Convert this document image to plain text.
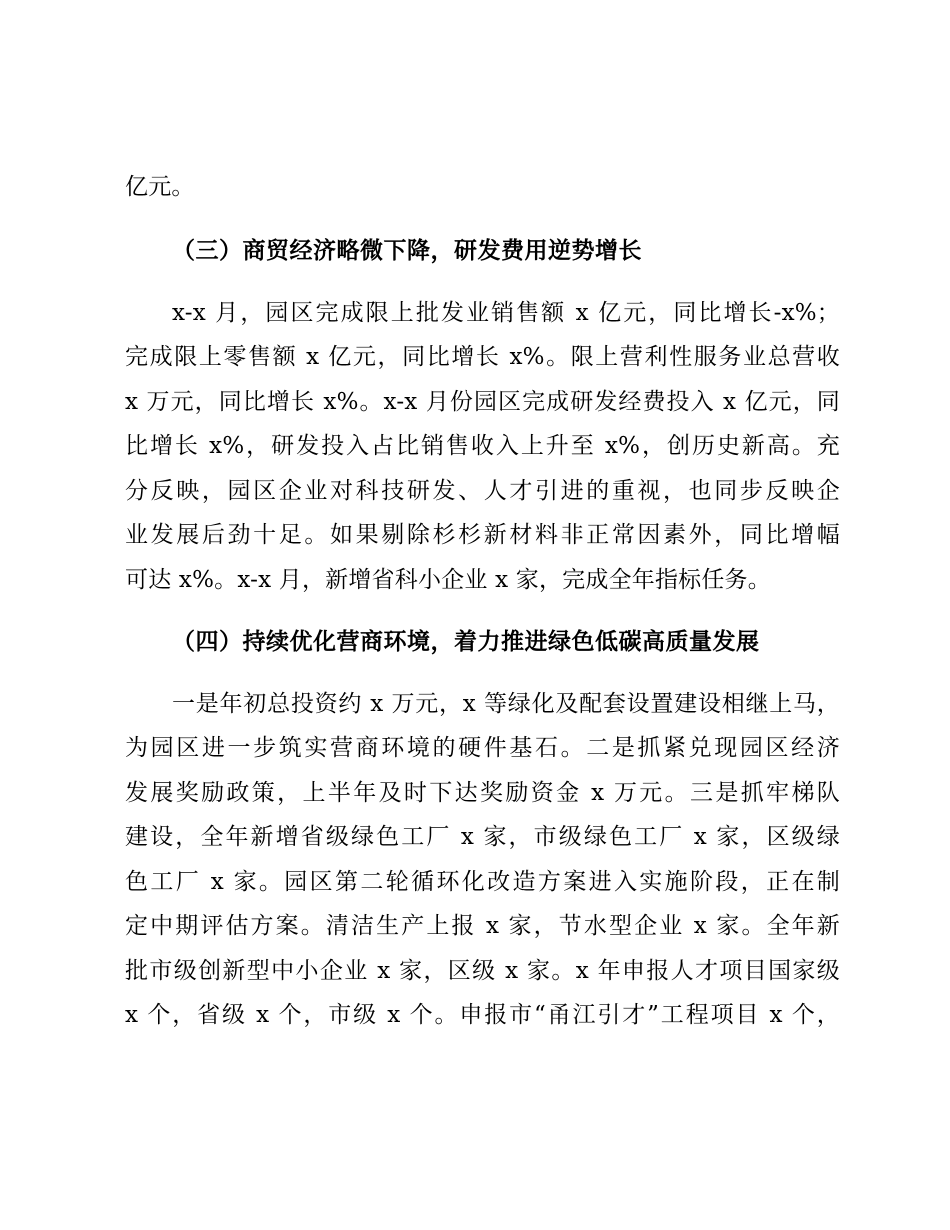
亿元。
（三）商贸经济略微下降，研发费用逆势增长
x-x 月，园区完成限上批发业销售额 x 亿元，同比增长-x%；
完成限上零售额 x 亿元，同比增长 x%。限上营利性服务业总营收
x 万元，同比增长 x%。x-x 月份园区完成研发经费投入 x 亿元，同
比增长 x%，研发投入占比销售收入上升至 x%，创历史新高。充
分反映，园区企业对科技研发、人才引进的重视，也同步反映企
业发展后劲十足。如果剔除杉杉新材料非正常因素外，同比增幅
可达 x%。x-x 月，新增省科小企业 x 家，完成全年指标任务。
（四）持续优化营商环境，着力推进绿色低碳高质量发展
一是年初总投资约 x 万元，x 等绿化及配套设置建设相继上马，
为园区进一步筑实营商环境的硬件基石。二是抓紧兑现园区经济
发展奖励政策，上半年及时下达奖励资金 x 万元。三是抓牢梯队
建设，全年新增省级绿色工厂 x 家，市级绿色工厂 x 家，区级绿
色工厂 x 家。园区第二轮循环化改造方案进入实施阶段，正在制
定中期评估方案。清洁生产上报 x 家，节水型企业 x 家。全年新
批市级创新型中小企业 x 家，区级 x 家。x 年申报人才项目国家级
x 个，省级 x 个，市级 x 个。申报市“甬江引才”工程项目 x 个，
